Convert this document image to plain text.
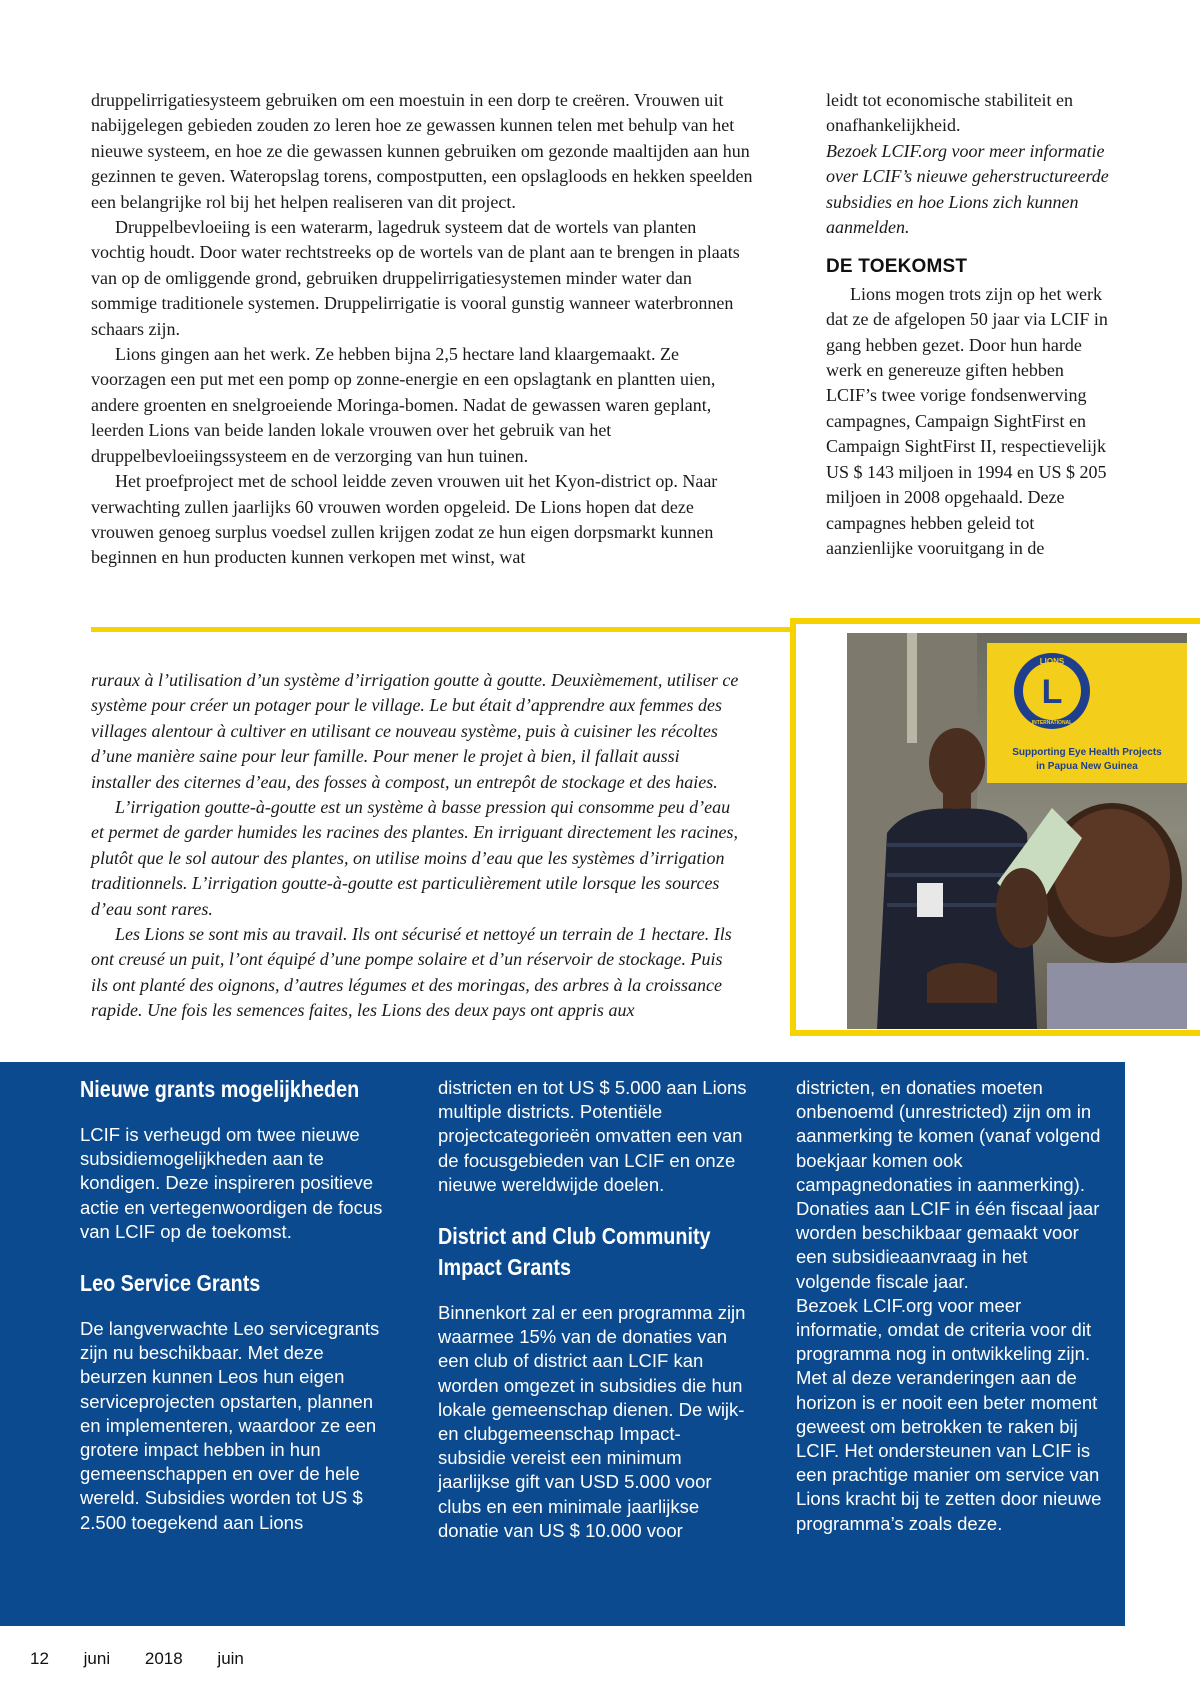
druppelirrigatiesysteem gebruiken om een moestuin in een dorp te creëren. Vrouwen uit nabijgelegen gebieden zouden zo leren hoe ze gewassen kunnen telen met behulp van het nieuwe systeem, en hoe ze die gewassen kunnen gebruiken om gezonde maaltijden aan hun gezinnen te geven. Wateropslag torens, compostputten, een opslagloods en hekken speelden een belangrijke rol bij het helpen realiseren van dit project.

Druppelbevloeiing is een waterarm, lagedruk systeem dat de wortels van planten vochtig houdt. Door water rechtstreeks op de wortels van de plant aan te brengen in plaats van op de omliggende grond, gebruiken druppelirrigatiesystemen minder water dan sommige traditionele systemen. Druppelirrigatie is vooral gunstig wanneer waterbronnen schaars zijn.

Lions gingen aan het werk. Ze hebben bijna 2,5 hectare land klaargemaakt. Ze voorzagen een put met een pomp op zonne-energie en een opslagtank en plantten uien, andere groenten en snelgroeiende Moringa-bomen. Nadat de gewassen waren geplant, leerden Lions van beide landen lokale vrouwen over het gebruik van het druppelbevloeiingssysteem en de verzorging van hun tuinen.

Het proefproject met de school leidde zeven vrouwen uit het Kyon-district op. Naar verwachting zullen jaarlijks 60 vrouwen worden opgeleid. De Lions hopen dat deze vrouwen genoeg surplus voedsel zullen krijgen zodat ze hun eigen dorpsmarkt kunnen beginnen en hun producten kunnen verkopen met winst, wat

leidt tot economische stabiliteit en onafhankelijkheid.

Bezoek LCIF.org voor meer informatie over LCIF’s nieuwe geherstructureerde subsidies en hoe Lions zich kunnen aanmelden.

DE TOEKOMST

Lions mogen trots zijn op het werk dat ze de afgelopen 50 jaar via LCIF in gang hebben gezet. Door hun harde werk en genereuze giften hebben LCIF’s twee vorige fondsenwerving campagnes, Campaign SightFirst en Campaign SightFirst II, respectievelijk US $ 143 miljoen in 1994 en US $ 205 miljoen in 2008 opgehaald. Deze campagnes hebben geleid tot aanzienlijke vooruitgang in de

L
LIONS
INTERNATIONAL
Supporting Eye Health Projects
in Papua New Guinea

ruraux à l’utilisation d’un système d’irrigation goutte à goutte. Deuxièmement, utiliser ce système pour créer un potager pour le village. Le but était d’apprendre aux femmes des villages alentour à cultiver en utilisant ce nouveau système, puis à cuisiner les récoltes d’une manière saine pour leur famille. Pour mener le projet à bien, il fallait aussi installer des citernes d’eau, des fosses à compost, un entrepôt de stockage et des haies.

L’irrigation goutte-à-goutte est un système à basse pression qui consomme peu d’eau et permet de garder humides les racines des plantes. En irriguant directement les racines, plutôt que le sol autour des plantes, on utilise moins d’eau que les systèmes d’irrigation traditionnels. L’irrigation goutte-à-goutte est particulièrement utile lorsque les sources d’eau sont rares.

Les Lions se sont mis au travail. Ils ont sécurisé et nettoyé un terrain de 1 hectare. Ils ont creusé un puit, l’ont équipé d’une pompe solaire et d’un réservoir de stockage. Puis ils ont planté des oignons, d’autres légumes et des moringas, des arbres à la croissance rapide. Une fois les semences faites, les Lions des deux pays ont appris aux

Nieuwe grants mogelijkheden

LCIF is verheugd om twee nieuwe subsidiemogelijkheden aan te kondigen. Deze inspireren positieve actie en vertegenwoordigen de focus van LCIF op de toekomst.

Leo Service Grants

De langverwachte Leo servicegrants zijn nu beschikbaar. Met deze beurzen kunnen Leos hun eigen serviceprojecten opstarten, plannen en implementeren, waardoor ze een grotere impact hebben in hun gemeenschappen en over de hele wereld. Subsidies worden tot US $ 2.500 toegekend aan Lions

districten en tot US $ 5.000 aan Lions multiple districts. Potentiële projectcategorieën omvatten een van de focusgebieden van LCIF en onze nieuwe wereldwijde doelen.

District and Club Community Impact Grants

Binnenkort zal er een programma zijn waarmee 15% van de donaties van een club of district aan LCIF kan worden omgezet in subsidies die hun lokale gemeenschap dienen. De wijk- en clubgemeenschap Impact-subsidie vereist een minimum jaarlijkse gift van USD 5.000 voor clubs en een minimale jaarlijkse donatie van US $ 10.000 voor

districten, en donaties moeten onbenoemd (unrestricted) zijn om in aanmerking te komen (vanaf volgend boekjaar komen ook campagnedonaties in aanmerking). Donaties aan LCIF in één fiscaal jaar worden beschikbaar gemaakt voor een subsidieaanvraag in het volgende fiscale jaar.

Bezoek LCIF.org voor meer informatie, omdat de criteria voor dit programma nog in ontwikkeling zijn.

Met al deze veranderingen aan de horizon is er nooit een beter moment geweest om betrokken te raken bij LCIF. Het ondersteunen van LCIF is een prachtige manier om service van Lions kracht bij te zetten door nieuwe programma’s zoals deze.

12 juni 2018 juin
